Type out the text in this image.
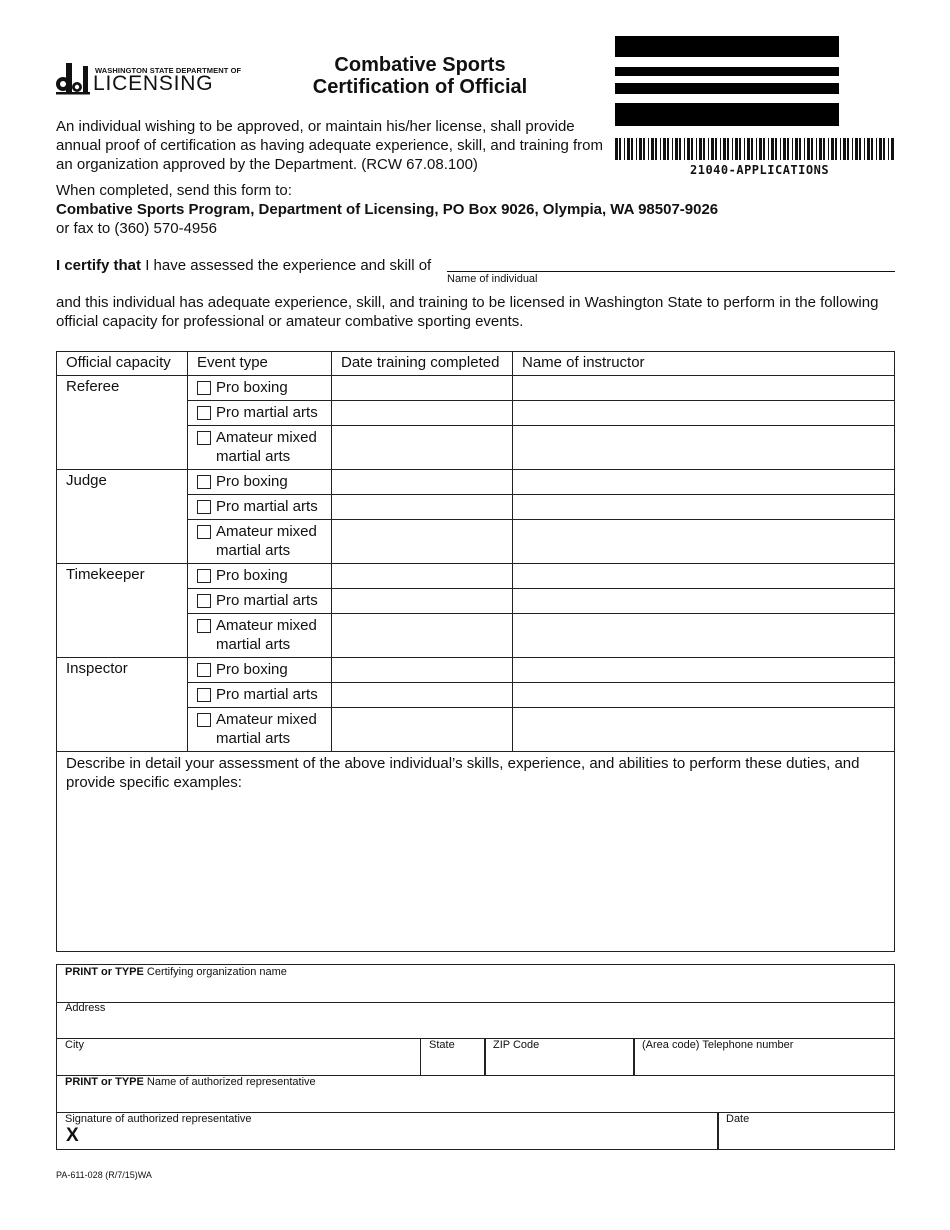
WASHINGTON STATE DEPARTMENT OF
LICENSING
Combative Sports
Certification of Official
21040-APPLICATIONS
An individual wishing to be approved, or maintain his/her license, shall provide annual proof of certification as having adequate experience, skill, and training from an organization approved by the Department. (RCW 67.08.100)
When completed, send this form to:
Combative Sports Program, Department of Licensing, PO Box 9026, Olympia, WA 98507-9026
or fax to (360) 570-4956
I certify that I have assessed the experience and skill of
Name of individual
and this individual has adequate experience, skill, and training to be licensed in Washington State to perform in the following official capacity for professional or amateur combative sporting events.
Official capacity	Event type	Date training completed	Name of instructor
Referee	Pro boxing		

	Pro martial arts		

	Amateur mixed martial arts		

Judge	Pro boxing		

	Pro martial arts		

	Amateur mixed martial arts		

Timekeeper	Pro boxing		

	Pro martial arts		

	Amateur mixed martial arts		

Inspector	Pro boxing		

	Pro martial arts		

	Amateur mixed martial arts		

Describe in detail your assessment of the above individual’s skills, experience, and abilities to perform these duties, and provide specific examples:			
PRINT or TYPE Certifying organization name
Address
City	State	ZIP Code	(Area code) Telephone number
PRINT or TYPE Name of authorized representative
Signature of authorized representative
X
Date
PA-611-028 (R/7/15)WA
